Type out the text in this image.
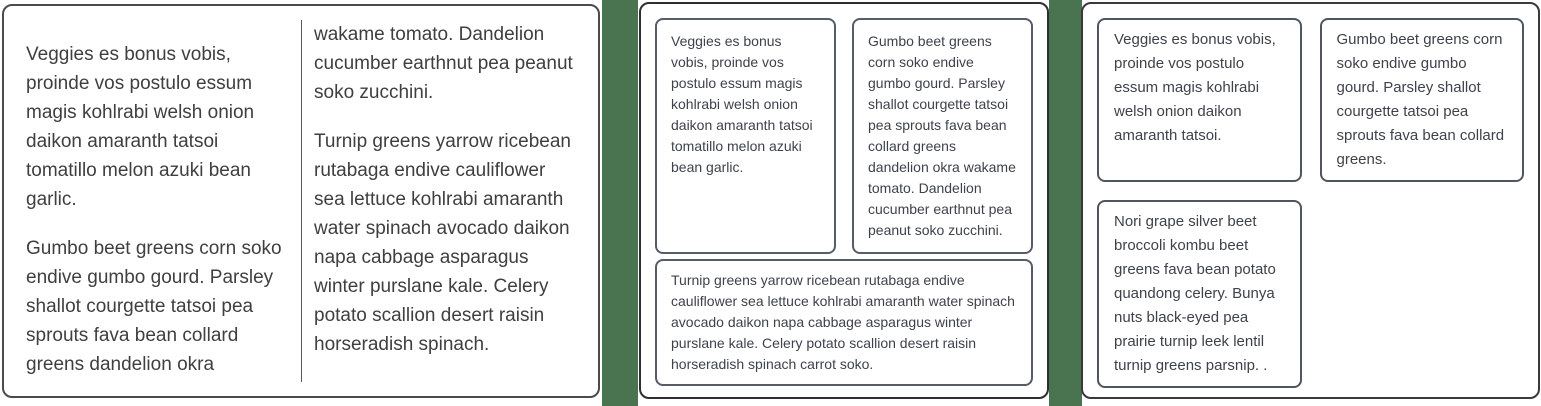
Veggies es bonus vobis, proinde vos postulo essum magis kohlrabi welsh onion daikon amaranth tatsoi tomatillo melon azuki bean garlic.

Gumbo beet greens corn soko endive gumbo gourd. Parsley shallot courgette tatsoi pea sprouts fava bean collard greens dandelion okra wakame tomato. Dandelion cucumber earthnut pea peanut soko zucchini.

Turnip greens yarrow ricebean rutabaga endive cauliflower sea lettuce kohlrabi amaranth water spinach avocado daikon napa cabbage asparagus winter purslane kale. Celery potato scallion desert raisin horseradish spinach.

Veggies es bonus vobis, proinde vos postulo essum magis kohlrabi welsh onion daikon amaranth tatsoi tomatillo melon azuki bean garlic.
Gumbo beet greens corn soko endive gumbo gourd. Parsley shallot courgette tatsoi pea sprouts fava bean collard greens dandelion okra wakame tomato. Dandelion cucumber earthnut pea peanut soko zucchini.
Turnip greens yarrow ricebean rutabaga endive cauliflower sea lettuce kohlrabi amaranth water spinach avocado daikon napa cabbage asparagus winter purslane kale. Celery potato scallion desert raisin horseradish spinach carrot soko.
Veggies es bonus vobis, proinde vos postulo essum magis kohlrabi welsh onion daikon amaranth tatsoi.
Gumbo beet greens corn soko endive gumbo gourd. Parsley shallot courgette tatsoi pea sprouts fava bean collard greens.
Nori grape silver beet broccoli kombu beet greens fava bean potato quandong celery. Bunya nuts black-eyed pea prairie turnip leek lentil turnip greens parsnip. .
